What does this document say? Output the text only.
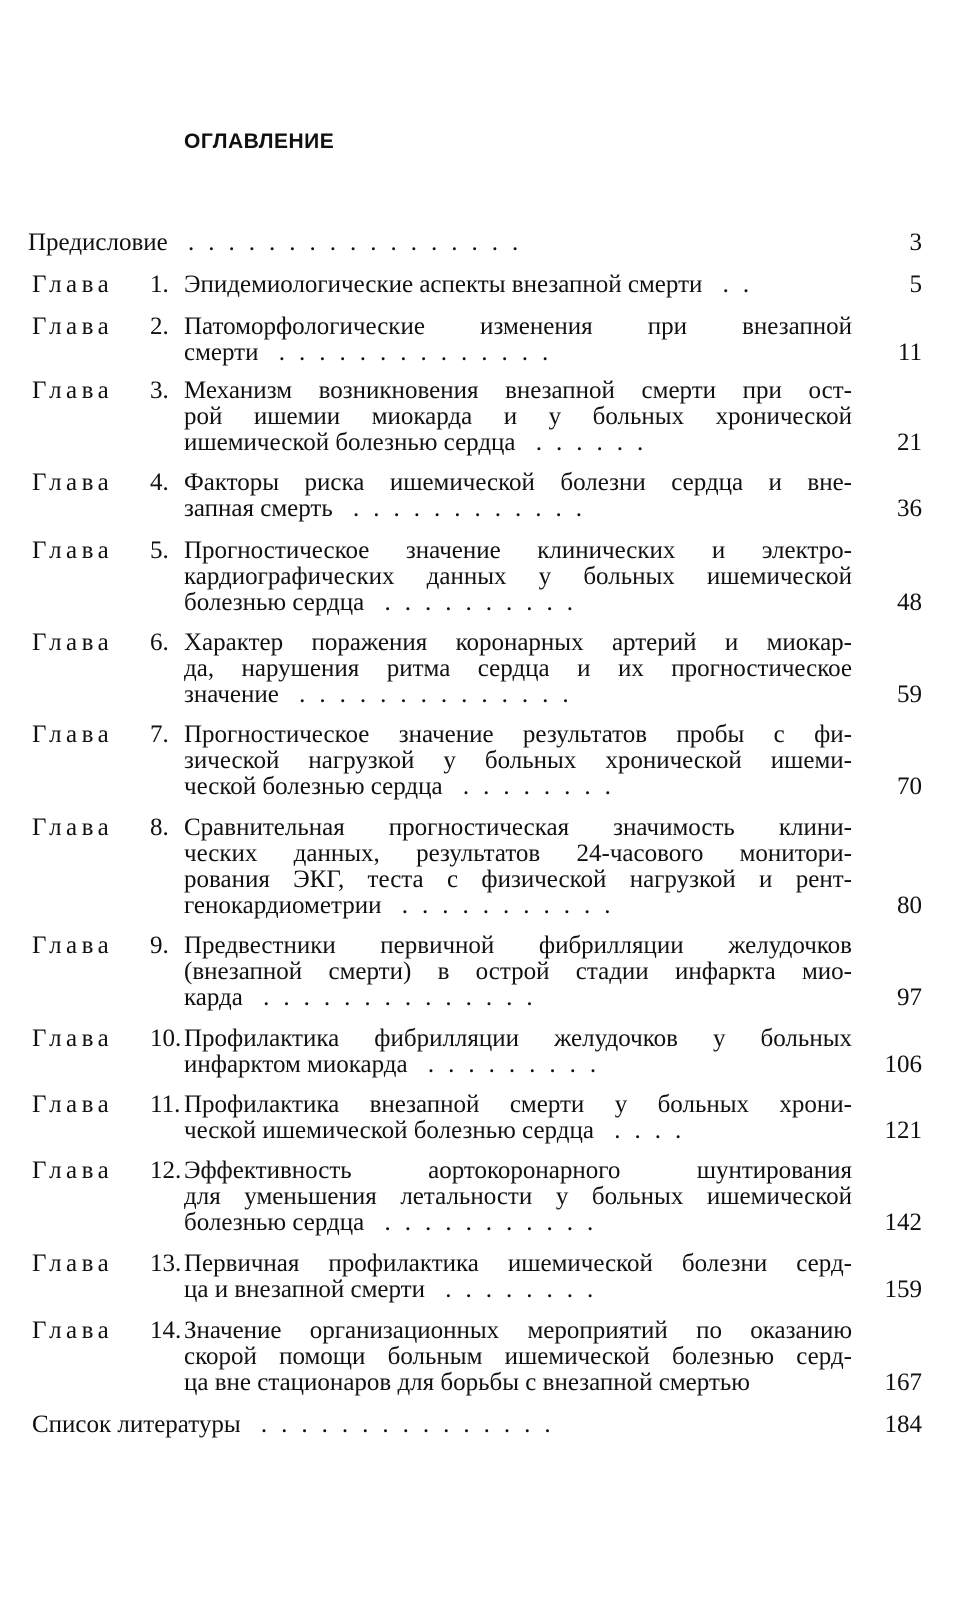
ОГЛАВЛЕНИЕ
Предисловие .................	3
Глава	1. Эпидемиологические аспекты внезапной смерти ..	5
Глава	2. Патоморфологические изменения при внезапной
смерти ..............	11
Глава	3. Механизм возникновения внезапной смерти при ост-
рой ишемии миокарда и у больных хронической
ишемической болезнью сердца ......	21
Глава	4. Факторы риска ишемической болезни сердца и вне-
запная смерть ............	36
Глава	5. Прогностическое значение клинических и электро-
кардиографических данных у больных ишемической
болезнью сердца ..........	48
Глава	6. Характер поражения коронарных артерий и миокар-
да, нарушения ритма сердца и их прогностическое
значение ..............	59
Глава	7. Прогностическое значение результатов пробы с фи-
зической нагрузкой у больных хронической ишеми-
ческой болезнью сердца ........	70
Глава	8. Сравнительная прогностическая значимость клини-
ческих данных, результатов 24-часового монитори-
рования ЭКГ, теста с физической нагрузкой и рент-
генокардиометрии ...........	80
Глава	9. Предвестники первичной фибрилляции желудочков
(внезапной смерти) в острой стадии инфаркта мио-
карда ..............	97
Глава	10. Профилактика фибрилляции желудочков у больных
инфарктом миокарда .........	106
Глава	11. Профилактика внезапной смерти у больных хрони-
ческой ишемической болезнью сердца ....	121
Глава	12. Эффективность аортокоронарного шунтирования
для уменьшения летальности у больных ишемической
болезнью сердца ...........	142
Глава	13. Первичная профилактика ишемической болезни серд-
ца и внезапной смерти ........	159
Глава	14. Значение организационных мероприятий по оказанию
скорой помощи больным ишемической болезнью серд-
ца вне стационаров для борьбы с внезапной смертью	167
Список литературы ...............	184
